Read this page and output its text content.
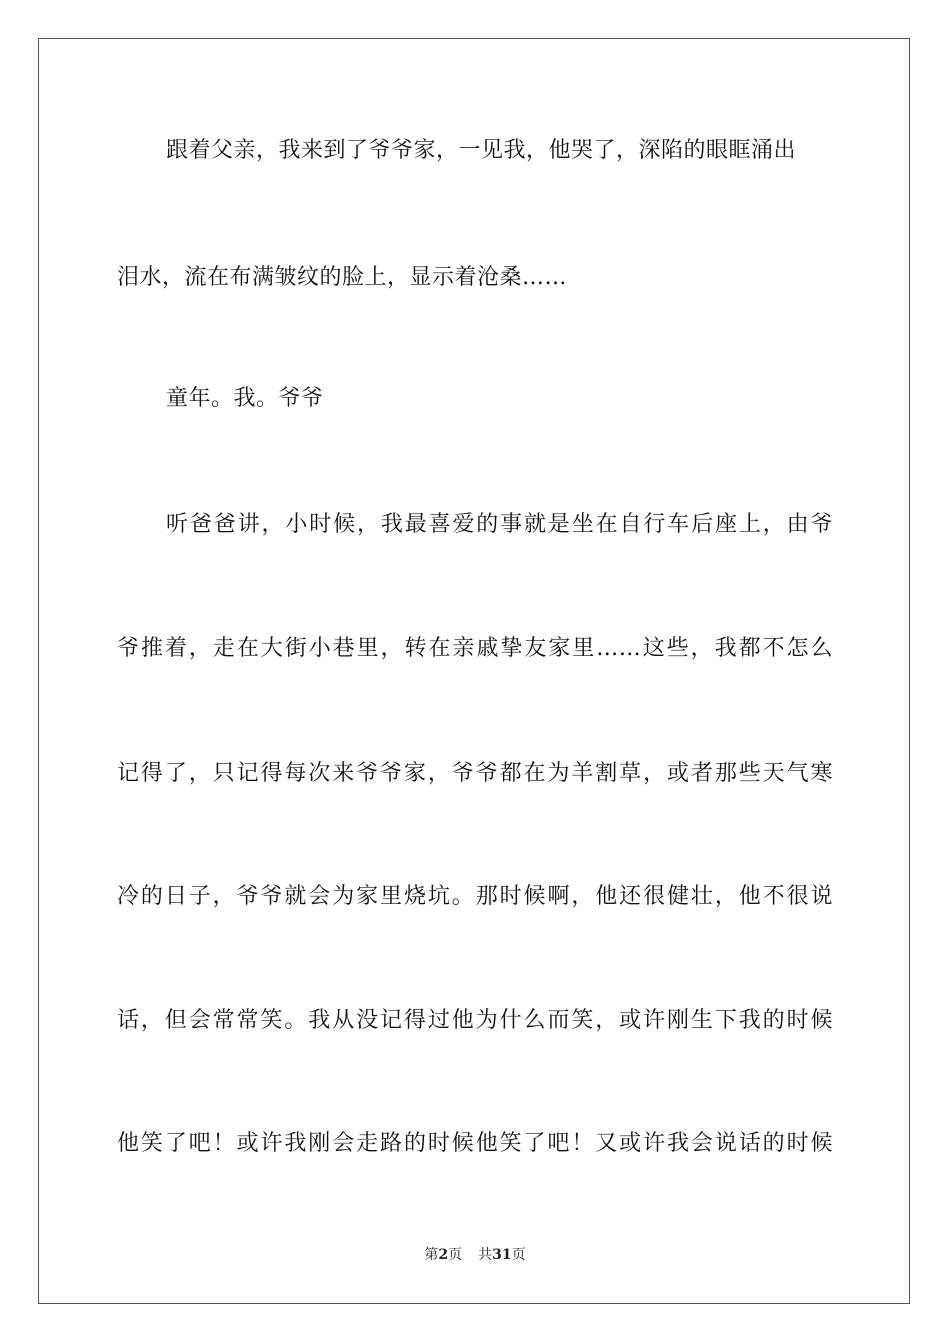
跟着父亲，我来到了爷爷家，一见我，他哭了，深陷的眼眶涌出
泪水，流在布满皱纹的脸上，显示着沧桑……
童年。我。爷爷
听爸爸讲，小时候，我最喜爱的事就是坐在自行车后座上，由爷
爷推着，走在大街小巷里，转在亲戚挚友家里……这些，我都不怎么
记得了，只记得每次来爷爷家，爷爷都在为羊割草，或者那些天气寒
冷的日子，爷爷就会为家里烧坑。那时候啊，他还很健壮，他不很说
话，但会常常笑。我从没记得过他为什么而笑，或许刚生下我的时候
他笑了吧！或许我刚会走路的时候他笑了吧！又或许我会说话的时候
第2页 共31页
